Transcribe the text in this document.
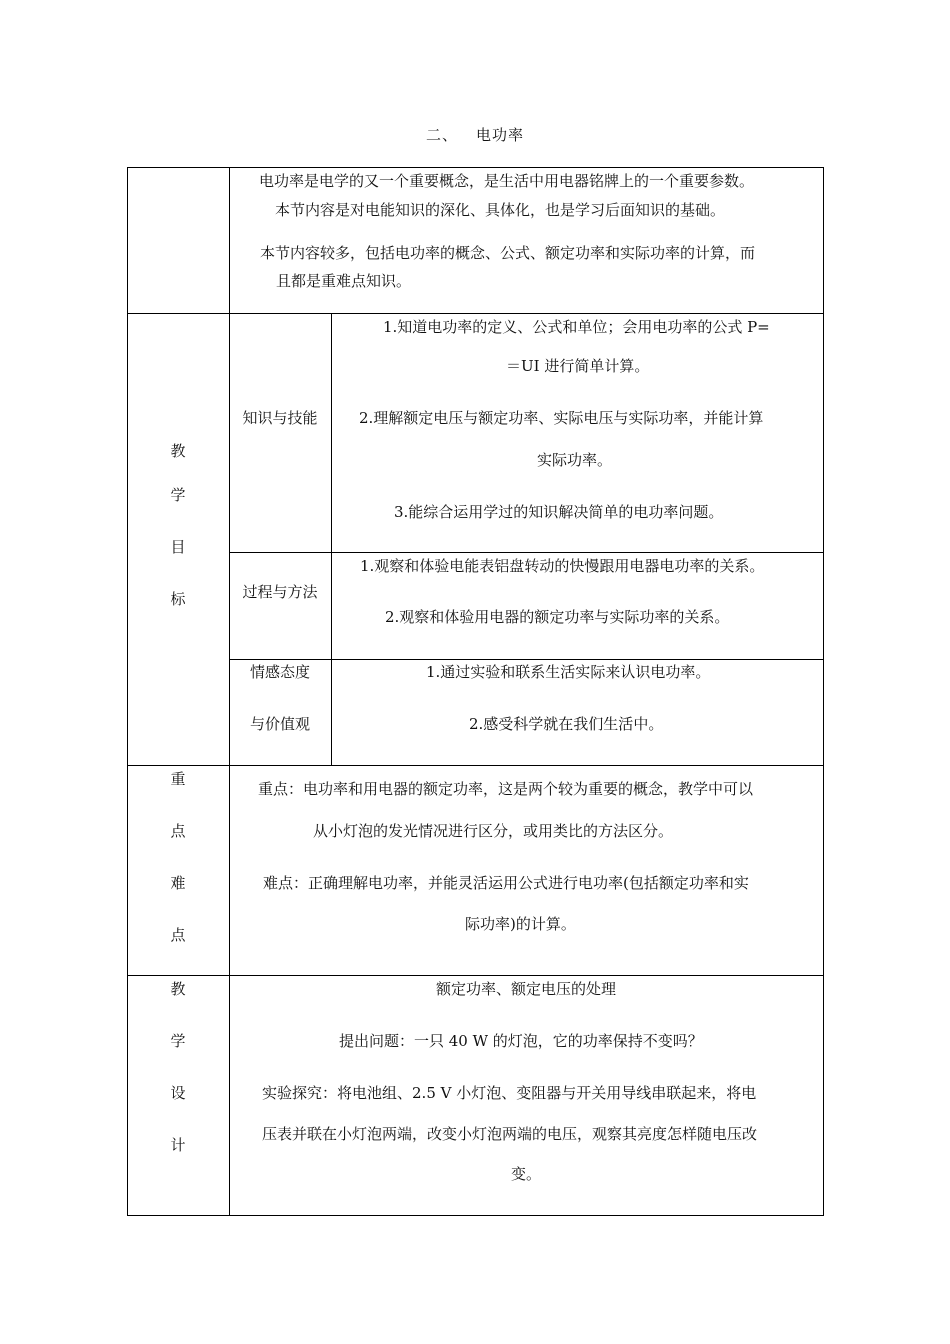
二、 电功率
电功率是电学的又一个重要概念，是生活中用电器铭牌上的一个重要参数。
本节内容是对电能知识的深化、具体化，也是学习后面知识的基础。
本节内容较多，包括电功率的概念、公式、额定功率和实际功率的计算，而
且都是重难点知识。
教
学
目
标
知识与技能
1.知道电功率的定义、公式和单位；会用电功率的公式 P=
＝UI 进行简单计算。
2.理解额定电压与额定功率、实际电压与实际功率，并能计算
实际功率。
3.能综合运用学过的知识解决简单的电功率问题。
过程与方法
1.观察和体验电能表铝盘转动的快慢跟用电器电功率的关系。
2.观察和体验用电器的额定功率与实际功率的关系。
情感态度
与价值观
1.通过实验和联系生活实际来认识电功率。
2.感受科学就在我们生活中。
重
点
难
点
重点：电功率和用电器的额定功率，这是两个较为重要的概念，教学中可以
从小灯泡的发光情况进行区分，或用类比的方法区分。
难点：正确理解电功率，并能灵活运用公式进行电功率(包括额定功率和实
际功率)的计算。
教
学
设
计
额定功率、额定电压的处理
提出问题：一只 40 W 的灯泡，它的功率保持不变吗？
实验探究：将电池组、2.5 V 小灯泡、变阻器与开关用导线串联起来，将电
压表并联在小灯泡两端，改变小灯泡两端的电压，观察其亮度怎样随电压改
变。
